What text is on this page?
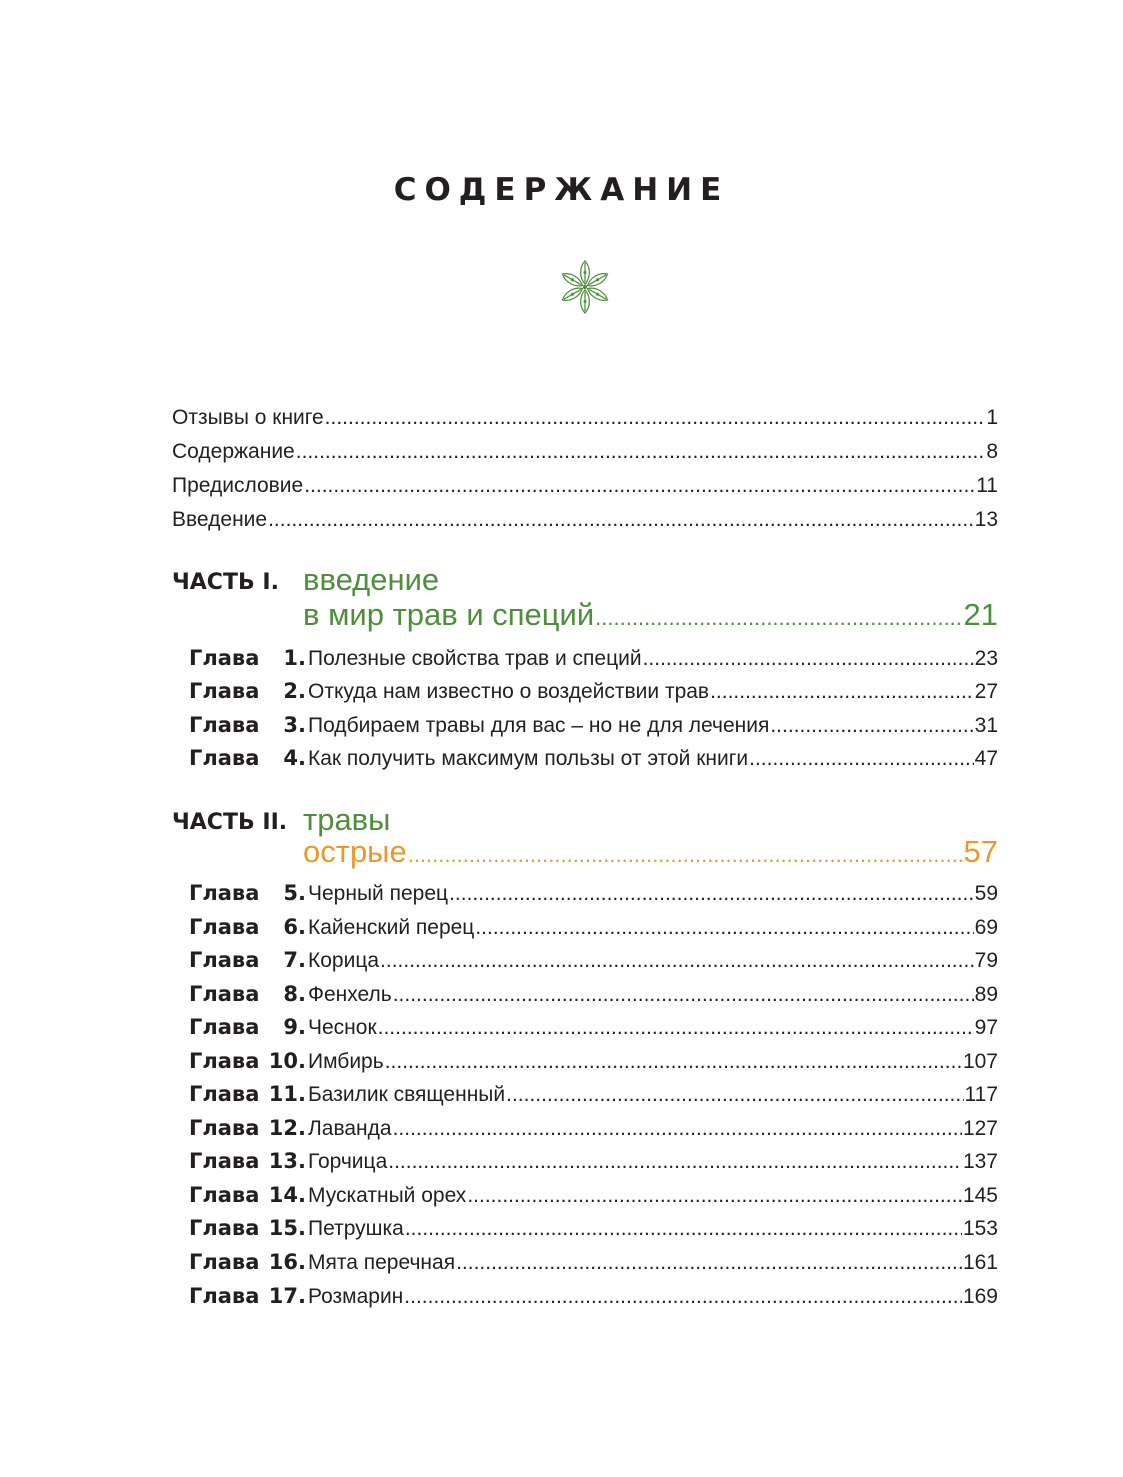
СОДЕРЖАНИЕ
Отзывы о книге .....	1
Содержание .....	8
Предисловие .....	11
Введение .....	13
ЧАСТЬ I. введение
в мир трав и специй .....	21
Глава 1. Полезные свойства трав и специй .....	23
Глава 2. Откуда нам известно о воздействии трав .....	27
Глава 3. Подбираем травы для вас – но не для лечения .....	31
Глава 4. Как получить максимум пользы от этой книги .....	47
ЧАСТЬ II. травы
острые .....	57
Глава 5. Черный перец .....	59
Глава 6. Кайенский перец .....	69
Глава 7. Корица .....	79
Глава 8. Фенхель .....	89
Глава 9. Чеснок .....	97
Глава 10. Имбирь .....	107
Глава 11. Базилик священный .....	117
Глава 12. Лаванда .....	127
Глава 13. Горчица .....	137
Глава 14. Мускатный орех .....	145
Глава 15. Петрушка .....	153
Глава 16. Мята перечная .....	161
Глава 17. Розмарин .....	169
